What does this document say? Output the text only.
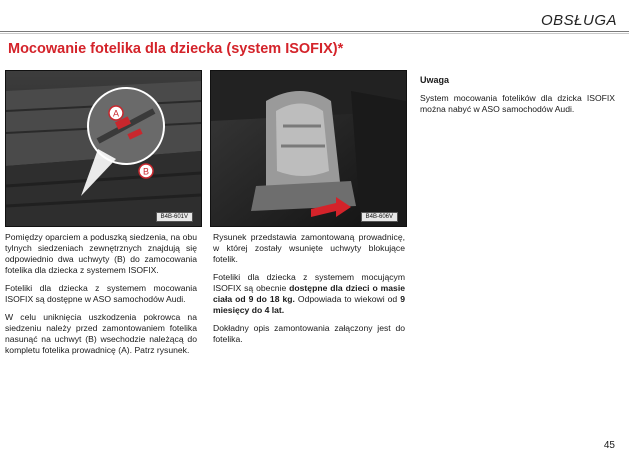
OBSŁUGA
Mocowanie fotelika dla dziecka (system ISOFIX)*
A
B
B4B-601V	B4B-606V

Pomiędzy oparciem a poduszką siedzenia, na obu tylnych siedzeniach zewnętrznych znajdują się odpowiednio dwa uchwyty (B) do zamocowania fotelika dla dziecka z systemem ISOFIX.

Foteliki dla dziecka z systemem mocowania ISOFIX są dostępne w ASO samochodów Audi.

W celu uniknięcia uszkodzenia pokrowca na siedzeniu należy przed zamontowaniem fotelika nasunąć na uchwyt (B) wsechodzie należącą do kompletu fotelika prowadnicę (A). Patrz rysunek.

Rysunek przedstawia zamontowaną prowadnicę, w której zostały wsunięte uchwyty blokujące fotelik.

Foteliki dla dziecka z systemem mocującym ISOFIX są obecnie dostępne dla dzieci o masie ciała od 9 do 18 kg. Odpowiada to wiekowi od 9 miesięcy do 4 lat.

Dokładny opis zamontowania załączony jest do fotelika.

Uwaga

System mocowania fotelików dla dzicka ISOFIX można nabyć w ASO samochodów Audi.

45
